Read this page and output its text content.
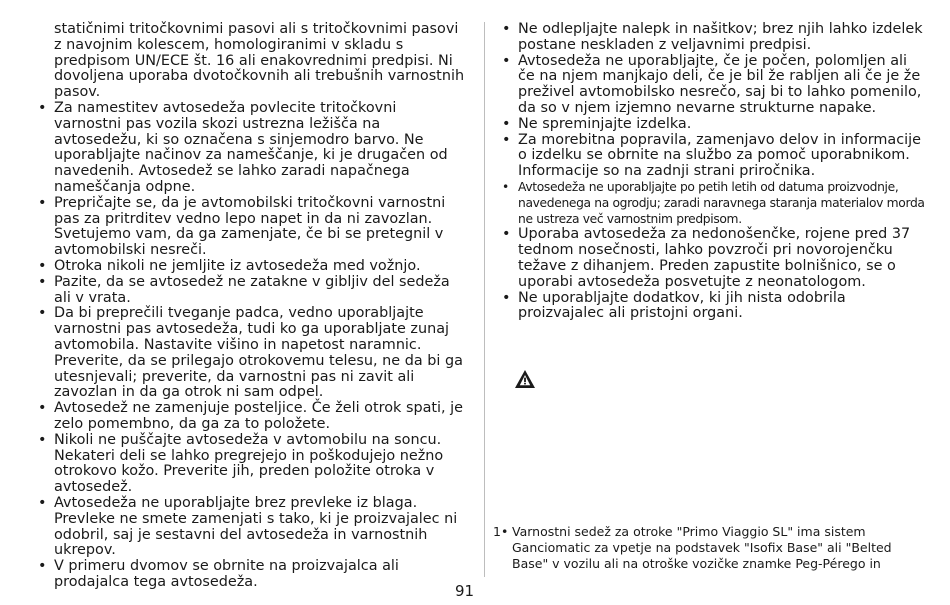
statičnimi tritočkovnimi pasovi ali s tritočkovnimi pasovi z navojnim kolescem, homologiranimi v skladu s predpisom UN/ECE št. 16 ali enakovrednimi predpisi. Ni dovoljena uporaba dvotočkovnih ali trebušnih varnostnih pasov.

• Za namestitev avtosedeža povlecite tritočkovni varnostni pas vozila skozi ustrezna ležišča na avtosedežu, ki so označena s sinjemodro barvo. Ne uporabljajte načinov za nameščanje, ki je drugačen od navedenih. Avtosedež se lahko zaradi napačnega nameščanja odpne.
• Prepričajte se, da je avtomobilski tritočkovni varnostni pas za pritrditev vedno lepo napet in da ni zavozlan. Svetujemo vam, da ga zamenjate, če bi se pretegnil v avtomobilski nesreči.
• Otroka nikoli ne jemljite iz avtosedeža med vožnjo.
• Pazite, da se avtosedež ne zatakne v gibljiv del sedeža ali v vrata.
• Da bi preprečili tveganje padca, vedno uporabljajte varnostni pas avtosedeža, tudi ko ga uporabljate zunaj avtomobila. Nastavite višino in napetost naramnic. Preverite, da se prilegajo otrokovemu telesu, ne da bi ga utesnjevali; preverite, da varnostni pas ni zavit ali zavozlan in da ga otrok ni sam odpel.
• Avtosedež ne zamenjuje posteljice. Če želi otrok spati, je zelo pomembno, da ga za to položete.
• Nikoli ne puščajte avtosedeža v avtomobilu na soncu. Nekateri deli se lahko pregrejejo in poškodujejo nežno otrokovo kožo. Preverite jih, preden položite otroka v avtosedež.
• Avtosedeža ne uporabljajte brez prevleke iz blaga. Prevleke ne smete zamenjati s tako, ki je proizvajalec ni odobril, saj je sestavni del avtosedeža in varnostnih ukrepov.
• V primeru dvomov se obrnite na proizvajalca ali prodajalca tega avtosedeža.
• Ne odlepljajte nalepk in našitkov; brez njih lahko izdelek postane neskladen z veljavnimi predpisi.
• Avtosedeža ne uporabljajte, če je počen, polomljen ali če na njem manjkajo deli, če je bil že rabljen ali če je že preživel avtomobilsko nesrečo, saj bi to lahko pomenilo, da so v njem izjemno nevarne strukturne napake.
• Ne spreminjajte izdelka.
• Za morebitna popravila, zamenjavo delov in informacije o izdelku se obrnite na službo za pomoč uporabnikom. Informacije so na zadnji strani priročnika.
• Avtosedeža ne uporabljajte po petih letih od datuma proizvodnje, navedenega na ogrodju; zaradi naravnega staranja materialov morda ne ustreza več varnostnim predpisom.
• Uporaba avtosedeža za nedonošenčke, rojene pred 37 tednom nosečnosti, lahko povzroči pri novorojenčku težave z dihanjem. Preden zapustite bolnišnico, se o uporabi avtosedeža posvetujte z neonatologom.
• Ne uporabljajte dodatkov, ki jih nista odobrila proizvajalec ali pristojni organi.
1• Varnostni sedež za otroke "Primo Viaggio SL" ima sistem Ganciomatic za vpetje na podstavek "Isofix Base" ali "Belted Base" v vozilu ali na otroške vozičke znamke Peg-Pérego in
91
